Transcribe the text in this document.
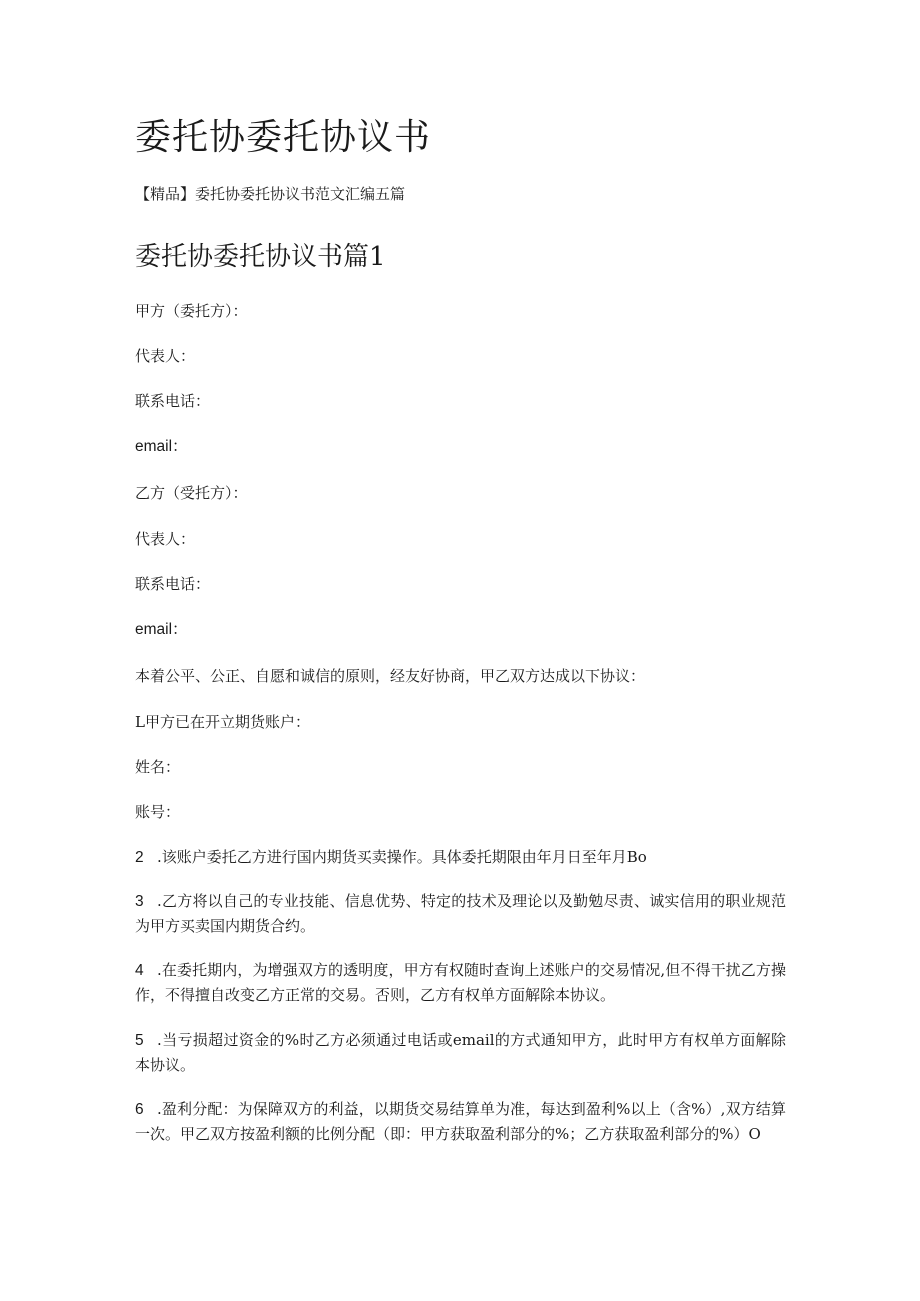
委托协委托协议书

【精品】委托协委托协议书范文汇编五篇

委托协委托协议书篇1

甲方（委托方）：

代表人：

联系电话：

email：

乙方（受托方）：

代表人：

联系电话：

email：

本着公平、公正、自愿和诚信的原则，经友好协商，甲乙双方达成以下协议：

L甲方已在开立期货账户：

姓名：

账号：

2 .该账户委托乙方进行国内期货买卖操作。具体委托期限由年月日至年月Bo

3 .乙方将以自己的专业技能、信息优势、特定的技术及理论以及勤勉尽责、诚实信用的职业规范为甲方买卖国内期货合约。

4 .在委托期内，为增强双方的透明度，甲方有权随时查询上述账户的交易情况,但不得干扰乙方操作，不得擅自改变乙方正常的交易。否则，乙方有权单方面解除本协议。

5 .当亏损超过资金的%时乙方必须通过电话或email的方式通知甲方，此时甲方有权单方面解除本协议。

6 .盈利分配：为保障双方的利益，以期货交易结算单为准，每达到盈利%以上（含%）,双方结算一次。甲乙双方按盈利额的比例分配（即：甲方获取盈利部分的%；乙方获取盈利部分的%）O
